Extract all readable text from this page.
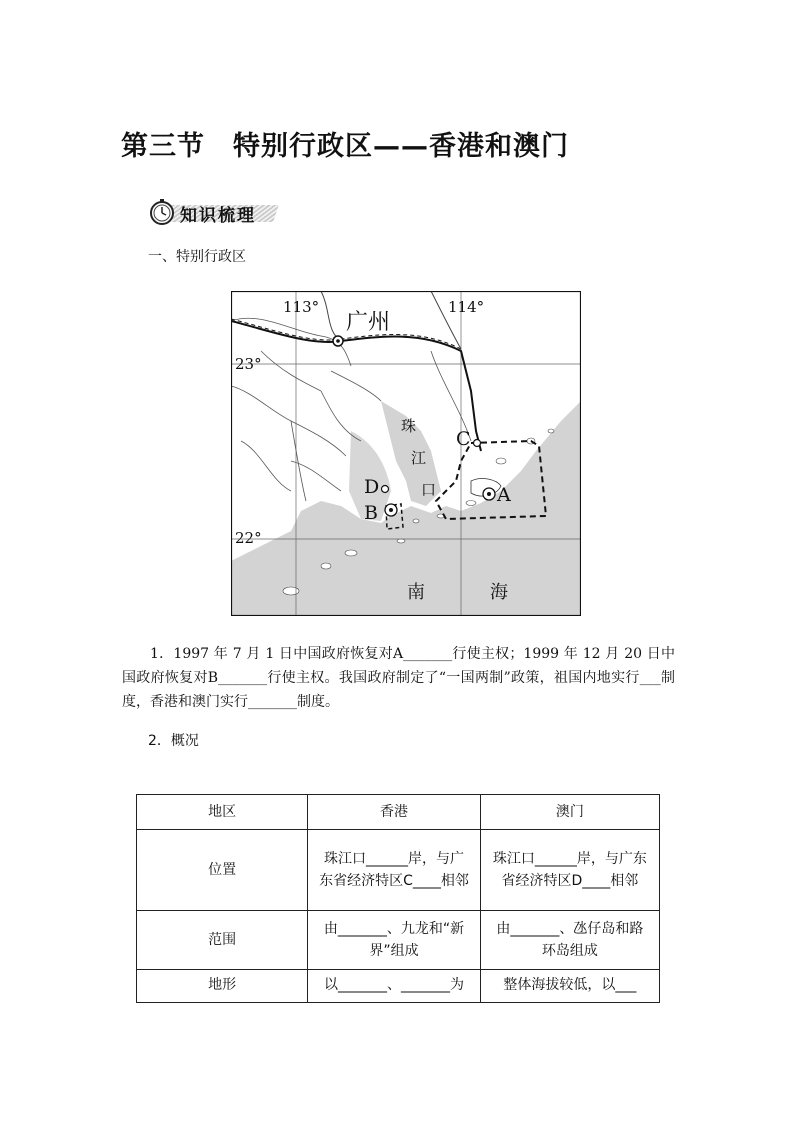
第三节　特别行政区——香港和澳门
知识梳理
一、特别行政区
113°	114°
23°
22°
广州
珠
江
口
南	海
A
B
C
D

1．1997 年 7 月 1 日中国政府恢复对A_______行使主权；1999 年 12 月 20 日中国政府恢复对B_______行使主权。我国政府制定了“一国两制”政策，祖国内地实行___制度，香港和澳门实行_______制度。

2．概况
地区	香港	澳门
位置	珠江口______岸，与广东省经济特区C____相邻	珠江口______岸，与广东省经济特区D____相邻
范围	由_______、九龙和“新界”组成	由_______、氹仔岛和路环岛组成
地形	以_______、_______为	整体海拔较低，以___
